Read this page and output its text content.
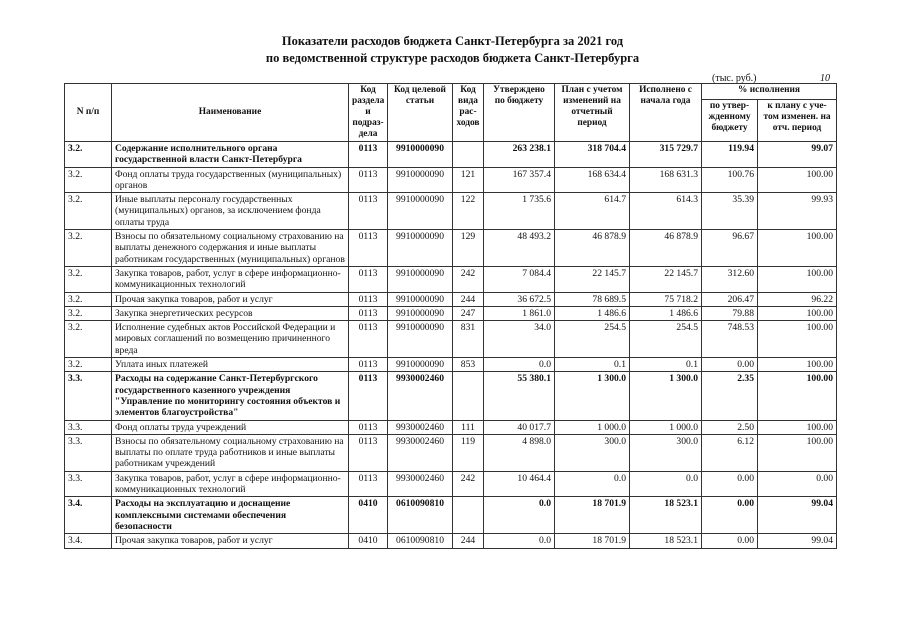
Показатели расходов бюджета Санкт-Петербурга за 2021 год
по ведомственной структуре расходов бюджета Санкт-Петербурга
(тыс. руб.)	10
N п/п	Наименование	Код раздела и подраз-дела	Код целевой статьи	Код вида рас-ходов	Утверждено по бюджету	План с учетом изменений на отчетный период	Исполнено с начала года	% исполнения	
								по утвер-жденному бюджету	к плану с уче-том изменен. на отч. период
3.2.	Содержание исполнительного органа государственной власти Санкт-Петербурга	0113	9910000090		263 238.1	318 704.4	315 729.7	119.94	99.07
3.2.	Фонд оплаты труда государственных (муниципальных) органов	0113	9910000090	121	167 357.4	168 634.4	168 631.3	100.76	100.00
3.2.	Иные выплаты персоналу государственных (муниципальных) органов, за исключением фонда оплаты труда	0113	9910000090	122	1 735.6	614.7	614.3	35.39	99.93
3.2.	Взносы по обязательному социальному страхованию на выплаты денежного содержания и иные выплаты работникам государственных (муниципальных) органов	0113	9910000090	129	48 493.2	46 878.9	46 878.9	96.67	100.00
3.2.	Закупка товаров, работ, услуг в сфере информационно-коммуникационных технологий	0113	9910000090	242	7 084.4	22 145.7	22 145.7	312.60	100.00
3.2.	Прочая закупка товаров, работ и услуг	0113	9910000090	244	36 672.5	78 689.5	75 718.2	206.47	96.22
3.2.	Закупка энергетических ресурсов	0113	9910000090	247	1 861.0	1 486.6	1 486.6	79.88	100.00
3.2.	Исполнение судебных актов Российской Федерации и мировых соглашений по возмещению причиненного вреда	0113	9910000090	831	34.0	254.5	254.5	748.53	100.00
3.2.	Уплата иных платежей	0113	9910000090	853	0.0	0.1	0.1	0.00	100.00
3.3.	Расходы на содержание Санкт-Петербургского государственного казенного учреждения "Управление по мониторингу состояния объектов и элементов благоустройства"	0113	9930002460		55 380.1	1 300.0	1 300.0	2.35	100.00
3.3.	Фонд оплаты труда учреждений	0113	9930002460	111	40 017.7	1 000.0	1 000.0	2.50	100.00
3.3.	Взносы по обязательному социальному страхованию на выплаты по оплате труда работников и иные выплаты работникам учреждений	0113	9930002460	119	4 898.0	300.0	300.0	6.12	100.00
3.3.	Закупка товаров, работ, услуг в сфере информационно-коммуникационных технологий	0113	9930002460	242	10 464.4	0.0	0.0	0.00	0.00
3.4.	Расходы на эксплуатацию и доснащение комплексными системами обеспечения безопасности	0410	0610090810		0.0	18 701.9	18 523.1	0.00	99.04
3.4.	Прочая закупка товаров, работ и услуг	0410	0610090810	244	0.0	18 701.9	18 523.1	0.00	99.04
